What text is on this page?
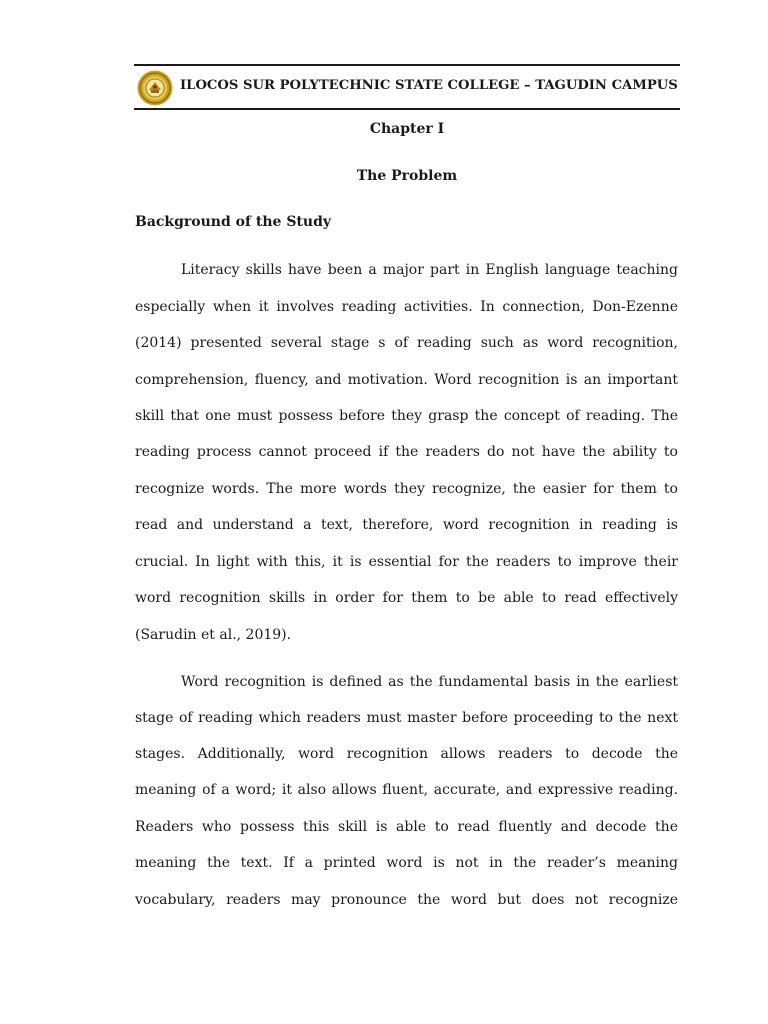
ILOCOS SUR POLYTECHNIC STATE COLLEGE – TAGUDIN CAMPUS
Chapter I
The Problem
Background of the Study
Literacy skills have been a major part in English language teaching
especially when it involves reading activities. In connection, Don-Ezenne
(2014) presented several stage s of reading such as word recognition,
comprehension, fluency, and motivation. Word recognition is an important
skill that one must possess before they grasp the concept of reading. The
reading process cannot proceed if the readers do not have the ability to
recognize words. The more words they recognize, the easier for them to
read and understand a text, therefore, word recognition in reading is
crucial. In light with this, it is essential for the readers to improve their
word recognition skills in order for them to be able to read effectively
(Sarudin et al., 2019).
Word recognition is defined as the fundamental basis in the earliest
stage of reading which readers must master before proceeding to the next
stages. Additionally, word recognition allows readers to decode the
meaning of a word; it also allows fluent, accurate, and expressive reading.
Readers who possess this skill is able to read fluently and decode the
meaning the text. If a printed word is not in the reader’s meaning
vocabulary, readers may pronounce the word but does not recognize
